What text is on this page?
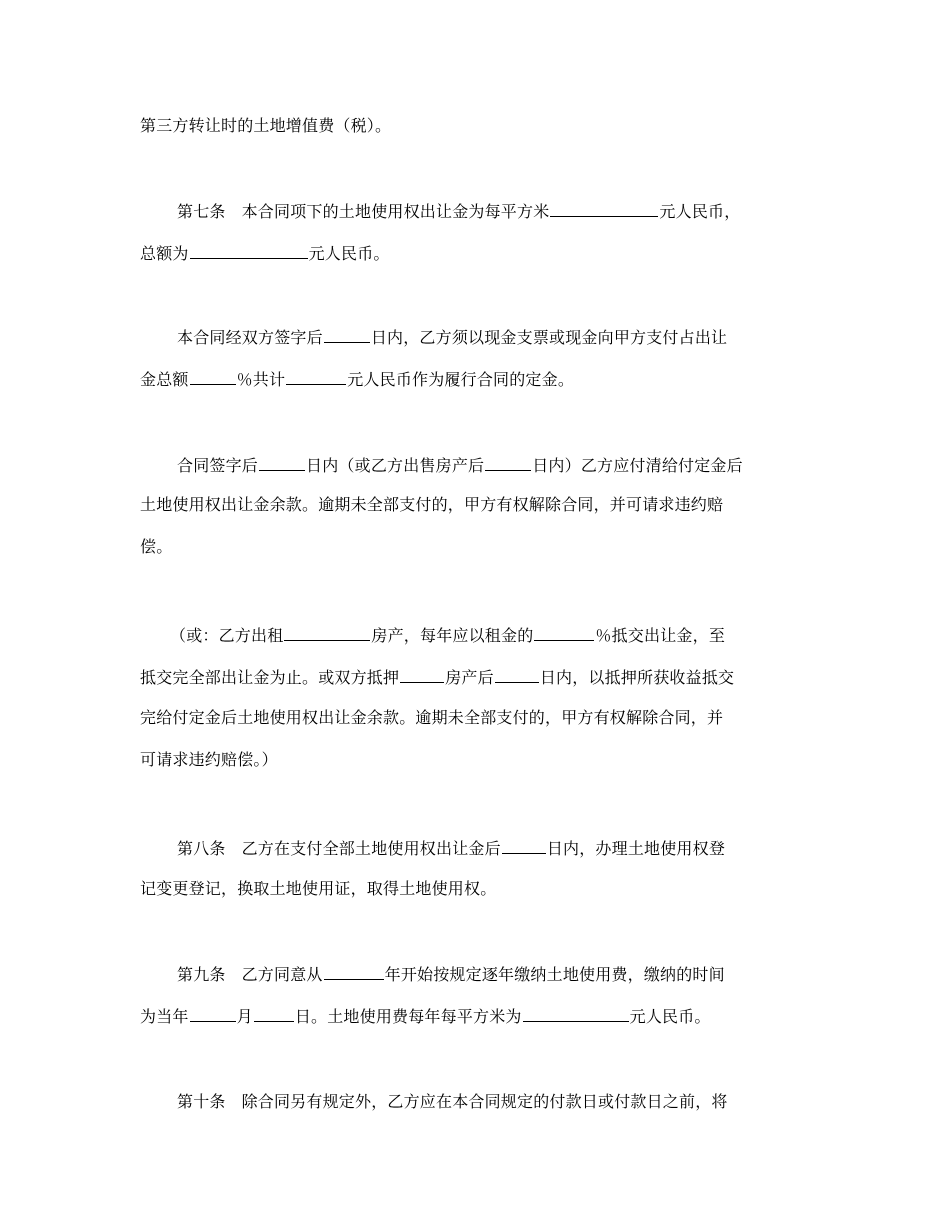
第三方转让时的土地增值费（税）。
第七条 本合同项下的土地使用权出让金为每平方米	元人民币，
总额为	元人民币。
本合同经双方签字后	日内，乙方须以现金支票或现金向甲方支付占出让
金总额	％共计	元人民币作为履行合同的定金。
合同签字后	日内（或乙方出售房产后	日内）乙方应付清给付定金后
土地使用权出让金余款。逾期未全部支付的，甲方有权解除合同，并可请求违约赔
偿。
（或：乙方出租	房产，每年应以租金的	％抵交出让金，至
抵交完全部出让金为止。或双方抵押	房产后	日内，以抵押所获收益抵交
完给付定金后土地使用权出让金余款。逾期未全部支付的，甲方有权解除合同，并
可请求违约赔偿。）
第八条 乙方在支付全部土地使用权出让金后	日内，办理土地使用权登
记变更登记，换取土地使用证，取得土地使用权。
第九条 乙方同意从	年开始按规定逐年缴纳土地使用费，缴纳的时间
为当年	月	日。土地使用费每年每平方米为	元人民币。
第十条 除合同另有规定外，乙方应在本合同规定的付款日或付款日之前，将
